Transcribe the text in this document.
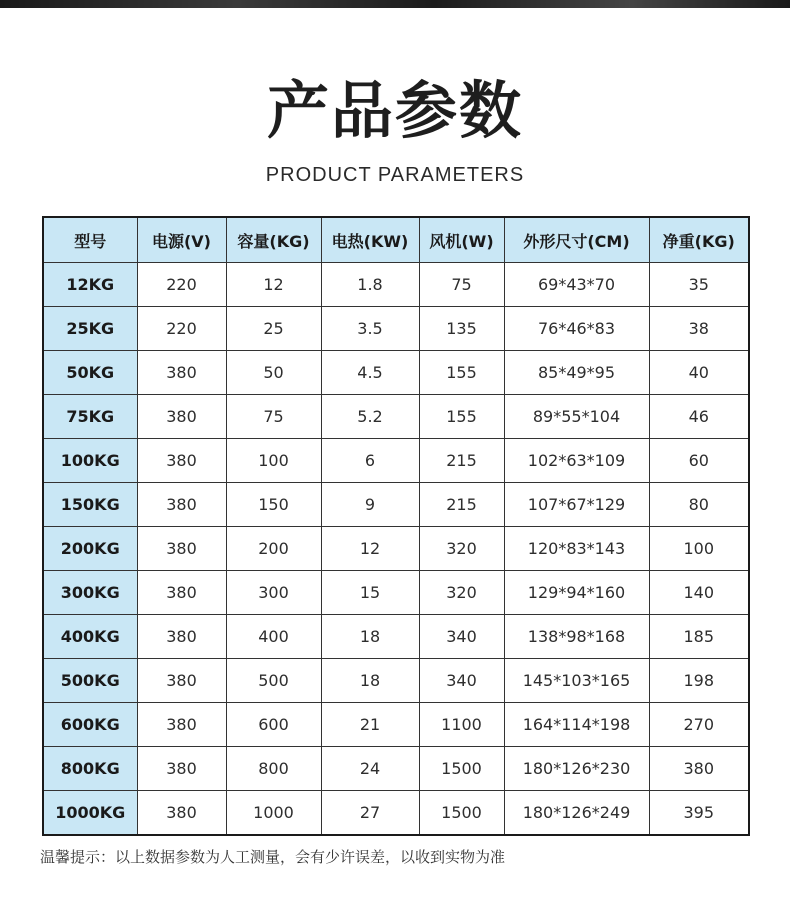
产品参数
PRODUCT PARAMETERS
型号	电源(V)	容量(KG)	电热(KW)	风机(W)	外形尺寸(CM)	净重(KG)
12KG	220	12	1.8	75	69*43*70	35
25KG	220	25	3.5	135	76*46*83	38
50KG	380	50	4.5	155	85*49*95	40
75KG	380	75	5.2	155	89*55*104	46
100KG	380	100	6	215	102*63*109	60
150KG	380	150	9	215	107*67*129	80
200KG	380	200	12	320	120*83*143	100
300KG	380	300	15	320	129*94*160	140
400KG	380	400	18	340	138*98*168	185
500KG	380	500	18	340	145*103*165	198
600KG	380	600	21	1100	164*114*198	270
800KG	380	800	24	1500	180*126*230	380
1000KG	380	1000	27	1500	180*126*249	395
温馨提示：以上数据参数为人工测量，会有少许误差，以收到实物为准
